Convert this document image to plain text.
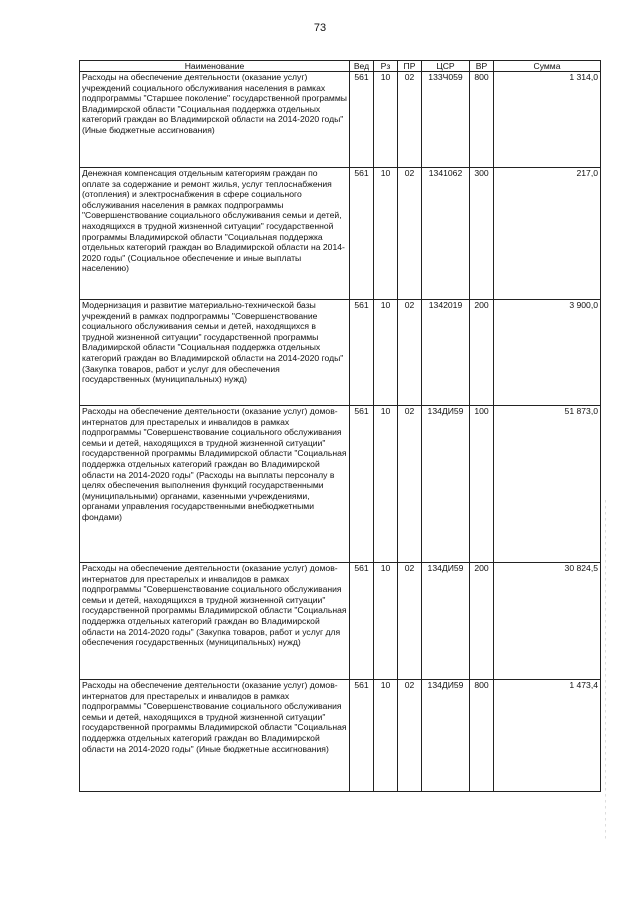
73
Наименование	Вед	Рз	ПР	ЦСР	ВР	Сумма
Расходы на обеспечение деятельности (оказание услуг) учреждений социального обслуживания населения в рамках подпрограммы "Старшее поколение" государственной программы Владимирской области "Социальная поддержка отдельных категорий граждан во Владимирской области на 2014-2020 годы" (Иные бюджетные ассигнования)	561	10	02	133Ч059	800	1 314,0
Денежная компенсация отдельным категориям граждан по оплате за содержание и ремонт жилья, услуг теплоснабжения (отопления) и электроснабжения в сфере социального обслуживания населения в рамках подпрограммы "Совершенствование социального обслуживания семьи и детей, находящихся в трудной жизненной ситуации" государственной программы Владимирской области "Социальная поддержка отдельных категорий граждан во Владимирской области на 2014-2020 годы" (Социальное обеспечение и иные выплаты населению)	561	10	02	1341062	300	217,0
Модернизация и развитие материально-технической базы учреждений в рамках подпрограммы "Совершенствование социального обслуживания семьи и детей, находящихся в трудной жизненной ситуации" государственной программы Владимирской области "Социальная поддержка отдельных категорий граждан во Владимирской области на 2014-2020 годы" (Закупка товаров, работ и услуг для обеспечения государственных (муниципальных) нужд)	561	10	02	1342019	200	3 900,0
Расходы на обеспечение деятельности (оказание услуг) домов-интернатов для престарелых и инвалидов в рамках подпрограммы "Совершенствование социального обслуживания семьи и детей, находящихся в трудной жизненной ситуации" государственной программы Владимирской области "Социальная поддержка отдельных категорий граждан во Владимирской области на 2014-2020 годы" (Расходы на выплаты персоналу в целях обеспечения выполнения функций государственными (муниципальными) органами, казенными учреждениями, органами управления государственными внебюджетными фондами)	561	10	02	134ДИ59	100	51 873,0
Расходы на обеспечение деятельности (оказание услуг) домов-интернатов для престарелых и инвалидов в рамках подпрограммы "Совершенствование социального обслуживания семьи и детей, находящихся в трудной жизненной ситуации" государственной программы Владимирской области "Социальная поддержка отдельных категорий граждан во Владимирской области на 2014-2020 годы" (Закупка товаров, работ и услуг для обеспечения государственных (муниципальных) нужд)	561	10	02	134ДИ59	200	30 824,5
Расходы на обеспечение деятельности (оказание услуг) домов-интернатов для престарелых и инвалидов в рамках подпрограммы "Совершенствование социального обслуживания семьи и детей, находящихся в трудной жизненной ситуации" государственной программы Владимирской области "Социальная поддержка отдельных категорий граждан во Владимирской области на 2014-2020 годы" (Иные бюджетные ассигнования)	561	10	02	134ДИ59	800	1 473,4
